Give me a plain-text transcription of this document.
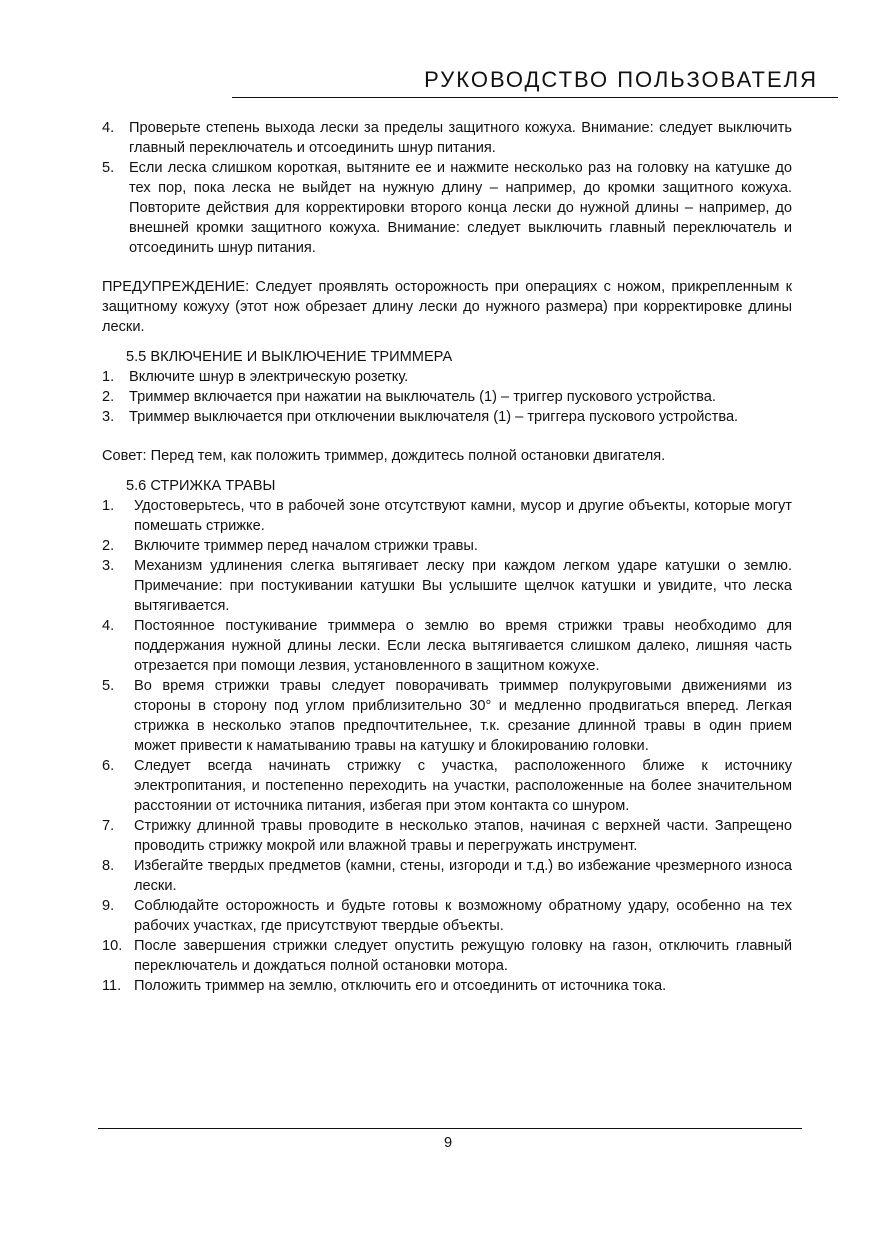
РУКОВОДСТВО ПОЛЬЗОВАТЕЛЯ
4.	Проверьте степень выхода лески за пределы защитного кожуха. Внимание: следует выключить главный переключатель и отсоединить шнур питания.
5.	Если леска слишком короткая, вытяните ее и нажмите несколько раз на головку на катушке до тех пор, пока леска не выйдет на нужную длину – например, до кромки защитного кожуха. Повторите действия для корректировки второго конца лески до нужной длины – например, до внешней кромки защитного кожуха. Внимание: следует выключить главный переключатель и отсоединить шнур питания.
ПРЕДУПРЕЖДЕНИЕ: Следует проявлять осторожность при операциях с ножом, прикрепленным к защитному кожуху (этот нож обрезает длину лески до нужного размера) при корректировке длины лески.
5.5 ВКЛЮЧЕНИЕ И ВЫКЛЮЧЕНИЕ ТРИММЕРА
1.	Включите шнур в электрическую розетку.
2.	Триммер включается при нажатии на выключатель (1) – триггер пускового устройства.
3.	Триммер выключается при отключении выключателя (1) – триггера пускового устройства.
Совет: Перед тем, как положить триммер, дождитесь полной остановки двигателя.
5.6 СТРИЖКА ТРАВЫ
1.	Удостоверьтесь, что в рабочей зоне отсутствуют камни, мусор и другие объекты, которые могут помешать стрижке.
2.	Включите триммер перед началом стрижки травы.
3.	Механизм удлинения слегка вытягивает леску при каждом легком ударе катушки о землю. Примечание: при постукивании катушки Вы услышите щелчок катушки и увидите, что леска вытягивается.
4.	Постоянное постукивание триммера о землю во время стрижки травы необходимо для поддержания нужной длины лески. Если леска вытягивается слишком далеко, лишняя часть отрезается при помощи лезвия, установленного в защитном кожухе.
5.	Во время стрижки травы следует поворачивать триммер полукруговыми движениями из стороны в сторону под углом приблизительно 30° и медленно продвигаться вперед. Легкая стрижка в несколько этапов предпочтительнее, т.к. срезание длинной травы в один прием может привести к наматыванию травы на катушку и блокированию головки.
6.	Следует всегда начинать стрижку с участка, расположенного ближе к источнику электропитания, и постепенно переходить на участки, расположенные на более значительном расстоянии от источника питания, избегая при этом контакта со шнуром.
7.	Стрижку длинной травы проводите в несколько этапов, начиная с верхней части. Запрещено проводить стрижку мокрой или влажной травы и перегружать инструмент.
8.	Избегайте твердых предметов (камни, стены, изгороди и т.д.) во избежание чрезмерного износа лески.
9.	Соблюдайте осторожность и будьте готовы к возможному обратному удару, особенно на тех рабочих участках, где присутствуют твердые объекты.
10. После завершения стрижки следует опустить режущую головку на газон, отключить главный переключатель и дождаться полной остановки мотора.
11. Положить триммер на землю, отключить его и отсоединить от источника тока.
9
